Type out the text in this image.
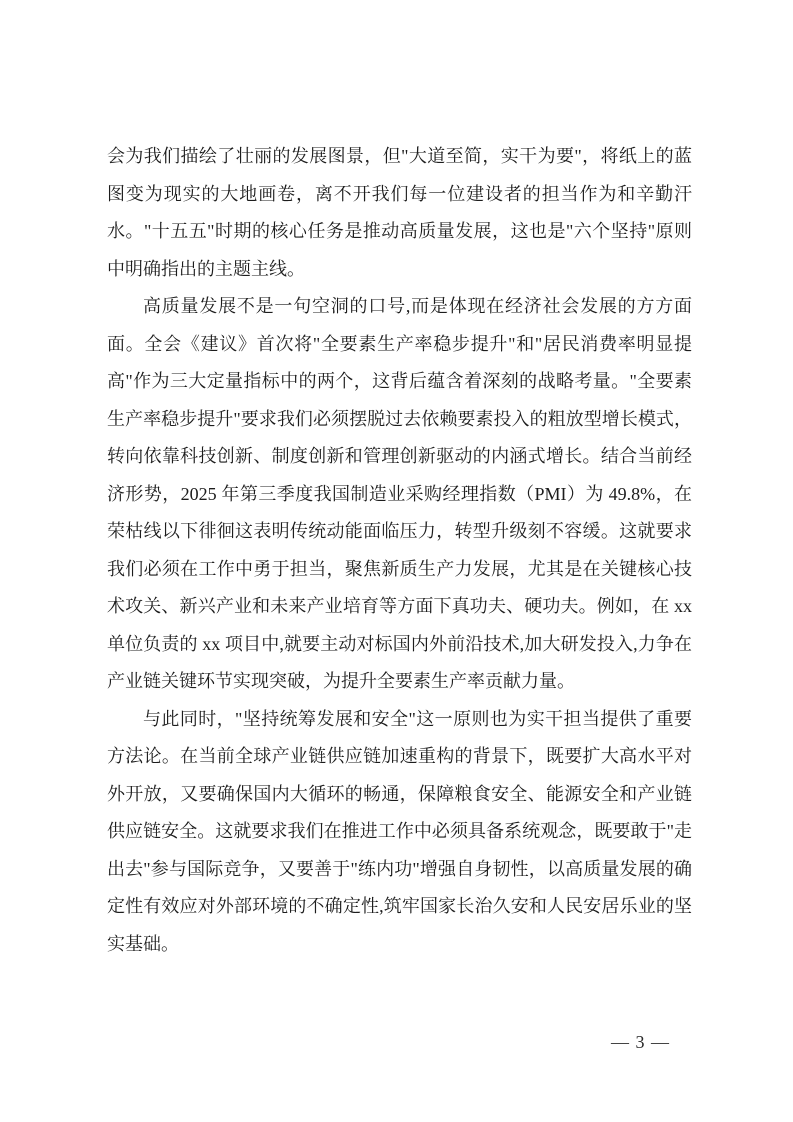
会为我们描绘了壮丽的发展图景，但"大道至简，实干为要"，将纸上的蓝图变为现实的大地画卷，离不开我们每一位建设者的担当作为和辛勤汗水。"十五五"时期的核心任务是推动高质量发展，这也是"六个坚持"原则中明确指出的主题主线。

高质量发展不是一句空洞的口号,而是体现在经济社会发展的方方面面。全会《建议》首次将"全要素生产率稳步提升"和"居民消费率明显提高"作为三大定量指标中的两个，这背后蕴含着深刻的战略考量。"全要素生产率稳步提升"要求我们必须摆脱过去依赖要素投入的粗放型增长模式，转向依靠科技创新、制度创新和管理创新驱动的内涵式增长。结合当前经济形势，2025 年第三季度我国制造业采购经理指数（PMI）为 49.8%，在荣枯线以下徘徊这表明传统动能面临压力，转型升级刻不容缓。这就要求我们必须在工作中勇于担当，聚焦新质生产力发展，尤其是在关键核心技术攻关、新兴产业和未来产业培育等方面下真功夫、硬功夫。例如，在 xx 单位负责的 xx 项目中,就要主动对标国内外前沿技术,加大研发投入,力争在产业链关键环节实现突破，为提升全要素生产率贡献力量。

与此同时，"坚持统筹发展和安全"这一原则也为实干担当提供了重要方法论。在当前全球产业链供应链加速重构的背景下，既要扩大高水平对外开放，又要确保国内大循环的畅通，保障粮食安全、能源安全和产业链供应链安全。这就要求我们在推进工作中必须具备系统观念，既要敢于"走出去"参与国际竞争，又要善于"练内功"增强自身韧性，以高质量发展的确定性有效应对外部环境的不确定性,筑牢国家长治久安和人民安居乐业的坚实基础。

— 3 —
